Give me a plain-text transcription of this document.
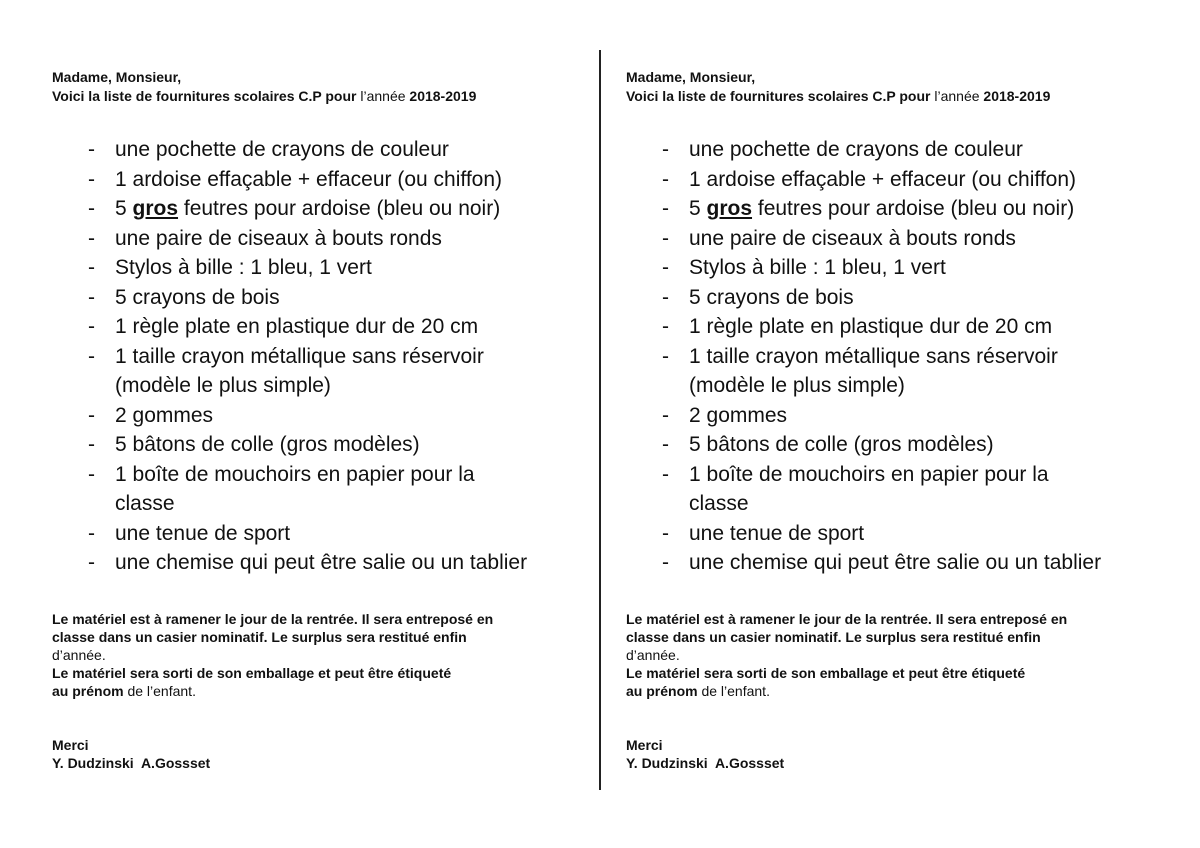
Madame, Monsieur,
Voici la liste de fournitures scolaires C.P pour l’année 2018-2019
- une pochette de crayons de couleur
- 1 ardoise effaçable + effaceur (ou chiffon)
- 5 gros feutres pour ardoise (bleu ou noir)
- une paire de ciseaux à bouts ronds
- Stylos à bille : 1 bleu, 1 vert
- 5 crayons de bois
- 1 règle plate en plastique dur de 20 cm
- 1 taille crayon métallique sans réservoir
(modèle le plus simple)
- 2 gommes
- 5 bâtons de colle (gros modèles)
- 1 boîte de mouchoirs en papier pour la
classe
- une tenue de sport
- une chemise qui peut être salie ou un tablier
Le matériel est à ramener le jour de la rentrée. Il sera entreposé en
classe dans un casier nominatif. Le surplus sera restitué enfin
d’année.
Le matériel sera sorti de son emballage et peut être étiqueté
au prénom de l’enfant.
Merci
Y. Dudzinski  A.Gossset
Madame, Monsieur,
Voici la liste de fournitures scolaires C.P pour l’année 2018-2019
- une pochette de crayons de couleur
- 1 ardoise effaçable + effaceur (ou chiffon)
- 5 gros feutres pour ardoise (bleu ou noir)
- une paire de ciseaux à bouts ronds
- Stylos à bille : 1 bleu, 1 vert
- 5 crayons de bois
- 1 règle plate en plastique dur de 20 cm
- 1 taille crayon métallique sans réservoir
(modèle le plus simple)
- 2 gommes
- 5 bâtons de colle (gros modèles)
- 1 boîte de mouchoirs en papier pour la
classe
- une tenue de sport
- une chemise qui peut être salie ou un tablier
Le matériel est à ramener le jour de la rentrée. Il sera entreposé en
classe dans un casier nominatif. Le surplus sera restitué enfin
d’année.
Le matériel sera sorti de son emballage et peut être étiqueté
au prénom de l’enfant.
Merci
Y. Dudzinski  A.Gossset
